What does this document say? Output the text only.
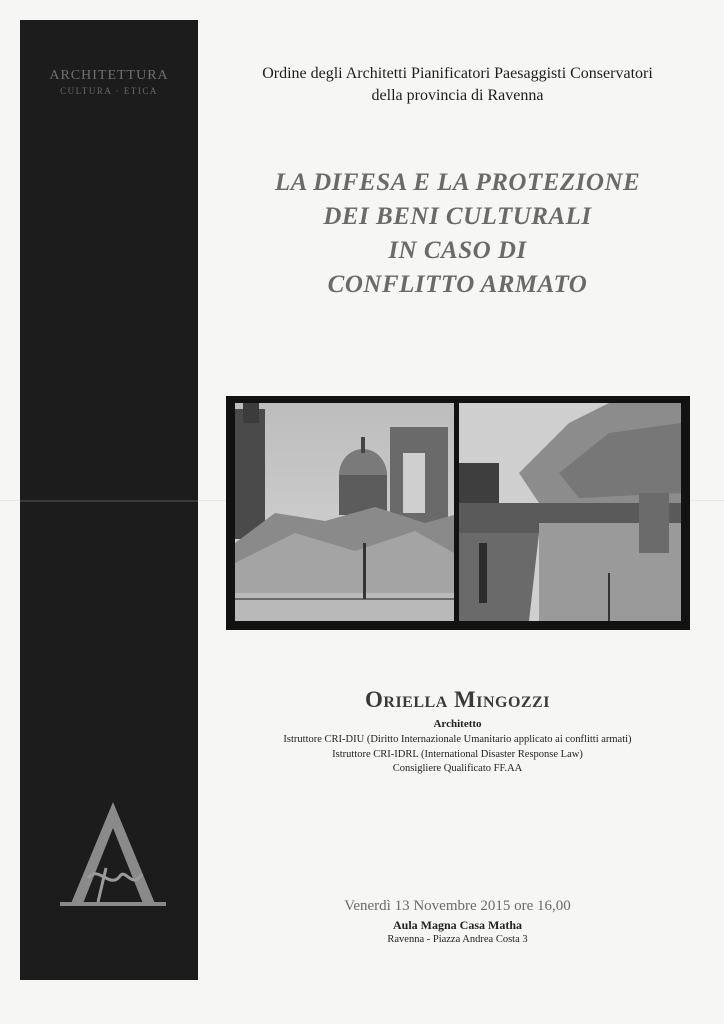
ARCHITETTURA
CULTURA · ETICA
Ordine degli Architetti Pianificatori Paesaggisti Conservatori
della provincia di Ravenna
LA DIFESA E LA PROTEZIONE
DEI BENI CULTURALI
IN CASO DI
CONFLITTO ARMATO
Oriella Mingozzi
Architetto
Istruttore CRI-DIU (Diritto Internazionale Umanitario applicato ai conflitti armati)
Istruttore CRI-IDRL (International Disaster Response Law)
Consigliere Qualificato FF.AA
Venerdì 13 Novembre 2015 ore 16,00
Aula Magna Casa Matha
Ravenna - Piazza Andrea Costa 3
